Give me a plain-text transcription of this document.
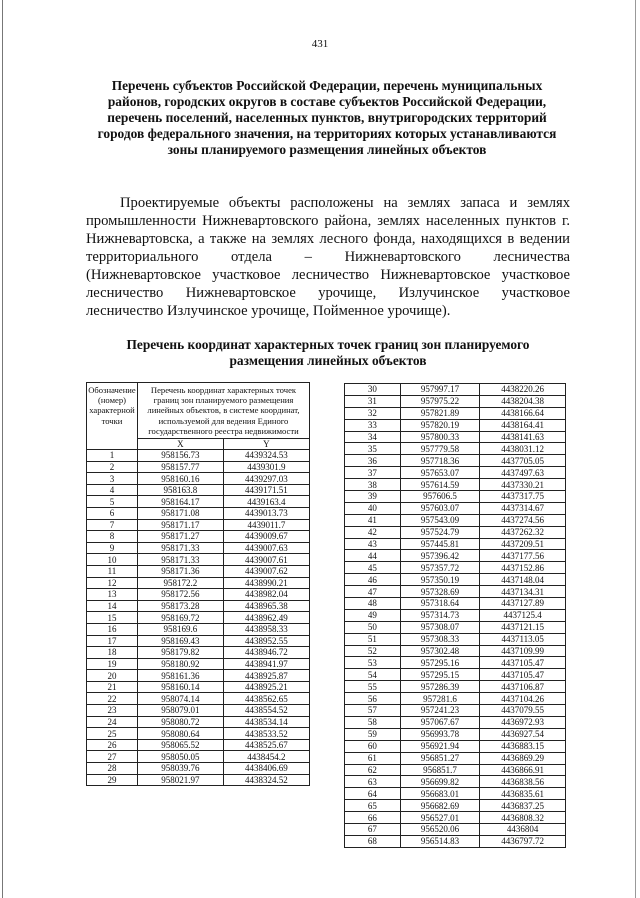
431
Перечень субъектов Российской Федерации, перечень муниципальных районов, городских округов в составе субъектов Российской Федерации, перечень поселений, населенных пунктов, внутригородских территорий городов федерального значения, на территориях которых устанавливаются зоны планируемого размещения линейных объектов
Проектируемые объекты расположены на землях запаса и землях промышленности Нижневартовского района, землях населенных пунктов г. Нижневартовска, а также на землях лесного фонда, находящихся в ведении территориального отдела – Нижневартовского лесничества (Нижневартовское участковое лесничество Нижневартовское участковое лесничество Нижневартовское урочище, Излучинское участковое лесничество Излучинское урочище, Пойменное урочище).
Перечень координат характерных точек границ зон планируемого размещения линейных объектов
Обозначение (номер) характерной точки	Перечень координат характерных точек границ зон планируемого размещения линейных объектов, в системе координат, используемой для ведения Единого государственного реестра недвижимости	
	X	Y
1	958156.73	4439324.53
2	958157.77	4439301.9
3	958160.16	4439297.03
4	958163.8	4439171.51
5	958164.17	4439163.4
6	958171.08	4439013.73
7	958171.17	4439011.7
8	958171.27	4439009.67
9	958171.33	4439007.63
10	958171.33	4439007.61
11	958171.36	4439007.62
12	958172.2	4438990.21
13	958172.56	4438982.04
14	958173.28	4438965.38
15	958169.72	4438962.49
16	958169.6	4438958.33
17	958169.43	4438952.55
18	958179.82	4438946.72
19	958180.92	4438941.97
20	958161.36	4438925.87
21	958160.14	4438925.21
22	958074.14	4438562.65
23	958079.01	4438554.52
24	958080.72	4438534.14
25	958080.64	4438533.52
26	958065.52	4438525.67
27	958050.05	4438454.2
28	958039.76	4438406.69
29	958021.97	4438324.52
30	957997.17	4438220.26
31	957975.22	4438204.38
32	957821.89	4438166.64
33	957820.19	4438164.41
34	957800.33	4438141.63
35	957779.58	4438031.12
36	957718.36	4437705.05
37	957653.07	4437497.63
38	957614.59	4437330.21
39	957606.5	4437317.75
40	957603.07	4437314.67
41	957543.09	4437274.56
42	957524.79	4437262.32
43	957445.81	4437209.51
44	957396.42	4437177.56
45	957357.72	4437152.86
46	957350.19	4437148.04
47	957328.69	4437134.31
48	957318.64	4437127.89
49	957314.73	4437125.4
50	957308.07	4437121.15
51	957308.33	4437113.05
52	957302.48	4437109.99
53	957295.16	4437105.47
54	957295.15	4437105.47
55	957286.39	4437106.87
56	957281.6	4437104.26
57	957241.23	4437079.55
58	957067.67	4436972.93
59	956993.78	4436927.54
60	956921.94	4436883.15
61	956851.27	4436869.29
62	956851.7	4436866.91
63	956699.82	4436838.56
64	956683.01	4436835.61
65	956682.69	4436837.25
66	956527.01	4436808.32
67	956520.06	4436804
68	956514.83	4436797.72
